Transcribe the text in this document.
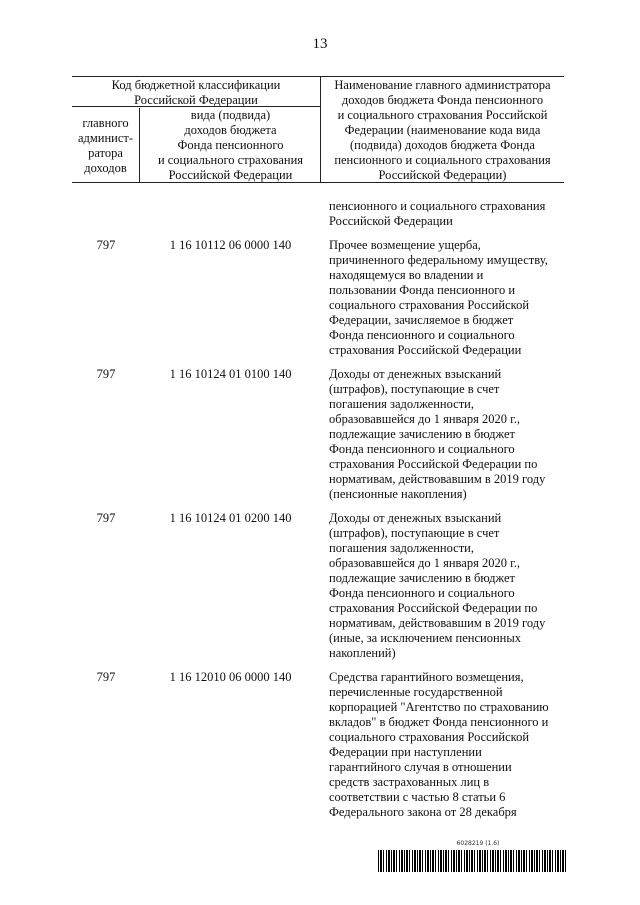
13
Код бюджетной классификации
Российской Федерации
главного
админист-
ратора
доходов
вида (подвида)
доходов бюджета
Фонда пенсионного
и социального страхования
Российской Федерации
Наименование главного администратора
доходов бюджета Фонда пенсионного
и социального страхования Российской
Федерации (наименование кода вида
(подвида) доходов бюджета Фонда
пенсионного и социального страхования
Российской Федерации)
пенсионного и социального страхования
Российской Федерации
797	1 16 10112 06 0000 140	Прочее возмещение ущерба,
причиненного федеральному имуществу,
находящемуся во владении и
пользовании Фонда пенсионного и
социального страхования Российской
Федерации, зачисляемое в бюджет
Фонда пенсионного и социального
страхования Российской Федерации
797	1 16 10124 01 0100 140	Доходы от денежных взысканий
(штрафов), поступающие в счет
погашения задолженности,
образовавшейся до 1 января 2020 г.,
подлежащие зачислению в бюджет
Фонда пенсионного и социального
страхования Российской Федерации по
нормативам, действовавшим в 2019 году
(пенсионные накопления)
797	1 16 10124 01 0200 140	Доходы от денежных взысканий
(штрафов), поступающие в счет
погашения задолженности,
образовавшейся до 1 января 2020 г.,
подлежащие зачислению в бюджет
Фонда пенсионного и социального
страхования Российской Федерации по
нормативам, действовавшим в 2019 году
(иные, за исключением пенсионных
накоплений)
797	1 16 12010 06 0000 140	Средства гарантийного возмещения,
перечисленные государственной
корпорацией "Агентство по страхованию
вкладов" в бюджет Фонда пенсионного и
социального страхования Российской
Федерации при наступлении
гарантийного случая в отношении
средств застрахованных лиц в
соответствии с частью 8 статьи 6
Федерального закона от 28 декабря
6028219 (1.6)
